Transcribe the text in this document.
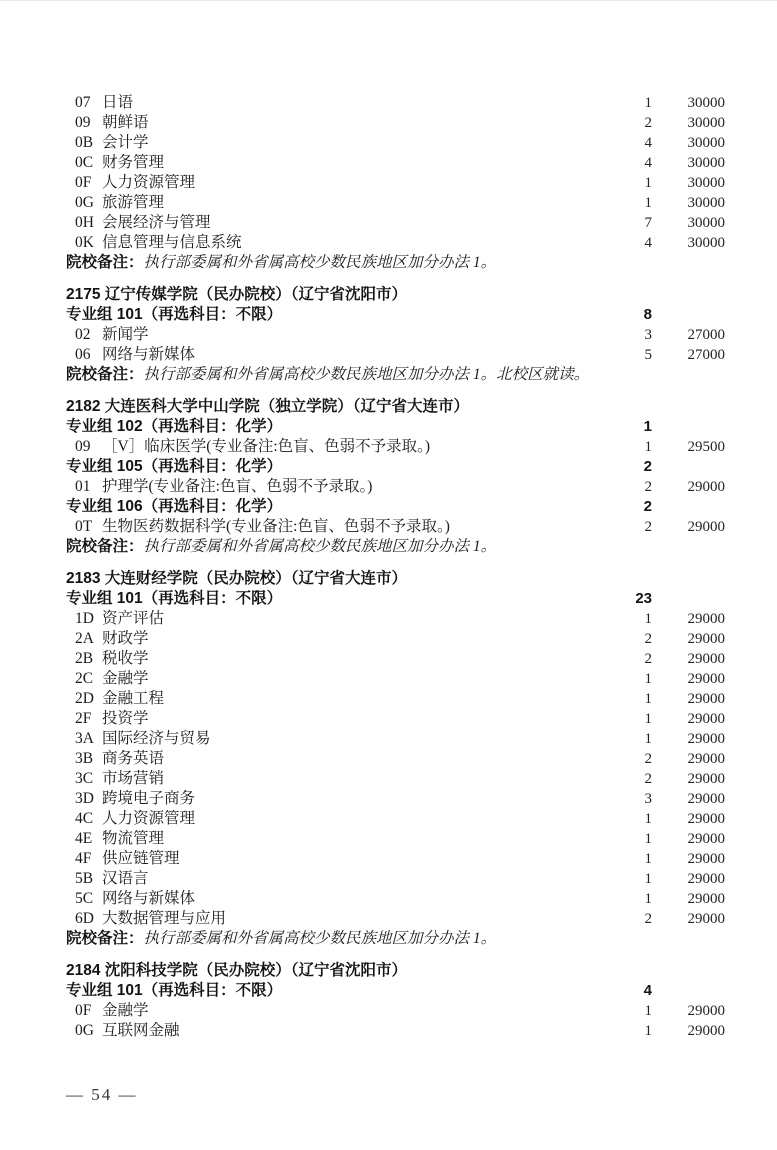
07 日语	1	30000
09 朝鲜语	2	30000
0B 会计学	4	30000
0C 财务管理	4	30000
0F 人力资源管理	1	30000
0G 旅游管理	1	30000
0H 会展经济与管理	7	30000
0K 信息管理与信息系统	4	30000
院校备注： 执行部委属和外省属高校少数民族地区加分办法 1。
2175 辽宁传媒学院（民办院校）（辽宁省沈阳市）
专业组 101（再选科目：不限）	8
02 新闻学	3	27000
06 网络与新媒体	5	27000
院校备注： 执行部委属和外省属高校少数民族地区加分办法 1。北校区就读。
2182 大连医科大学中山学院（独立学院）（辽宁省大连市）
专业组 102（再选科目：化学）	1
09 ［V］临床医学(专业备注:色盲、色弱不予录取。)	1	29500
专业组 105（再选科目：化学）	2
01 护理学(专业备注:色盲、色弱不予录取。)	2	29000
专业组 106（再选科目：化学）	2
0T 生物医药数据科学(专业备注:色盲、色弱不予录取。)	2	29000
院校备注： 执行部委属和外省属高校少数民族地区加分办法 1。
2183 大连财经学院（民办院校）（辽宁省大连市）
专业组 101（再选科目：不限）	23
1D 资产评估	1	29000
2A 财政学	2	29000
2B 税收学	2	29000
2C 金融学	1	29000
2D 金融工程	1	29000
2F 投资学	1	29000
3A 国际经济与贸易	1	29000
3B 商务英语	2	29000
3C 市场营销	2	29000
3D 跨境电子商务	3	29000
4C 人力资源管理	1	29000
4E 物流管理	1	29000
4F 供应链管理	1	29000
5B 汉语言	1	29000
5C 网络与新媒体	1	29000
6D 大数据管理与应用	2	29000
院校备注： 执行部委属和外省属高校少数民族地区加分办法 1。
2184 沈阳科技学院（民办院校）（辽宁省沈阳市）
专业组 101（再选科目：不限）	4
0F 金融学	1	29000
0G 互联网金融	1	29000
— 54 —
